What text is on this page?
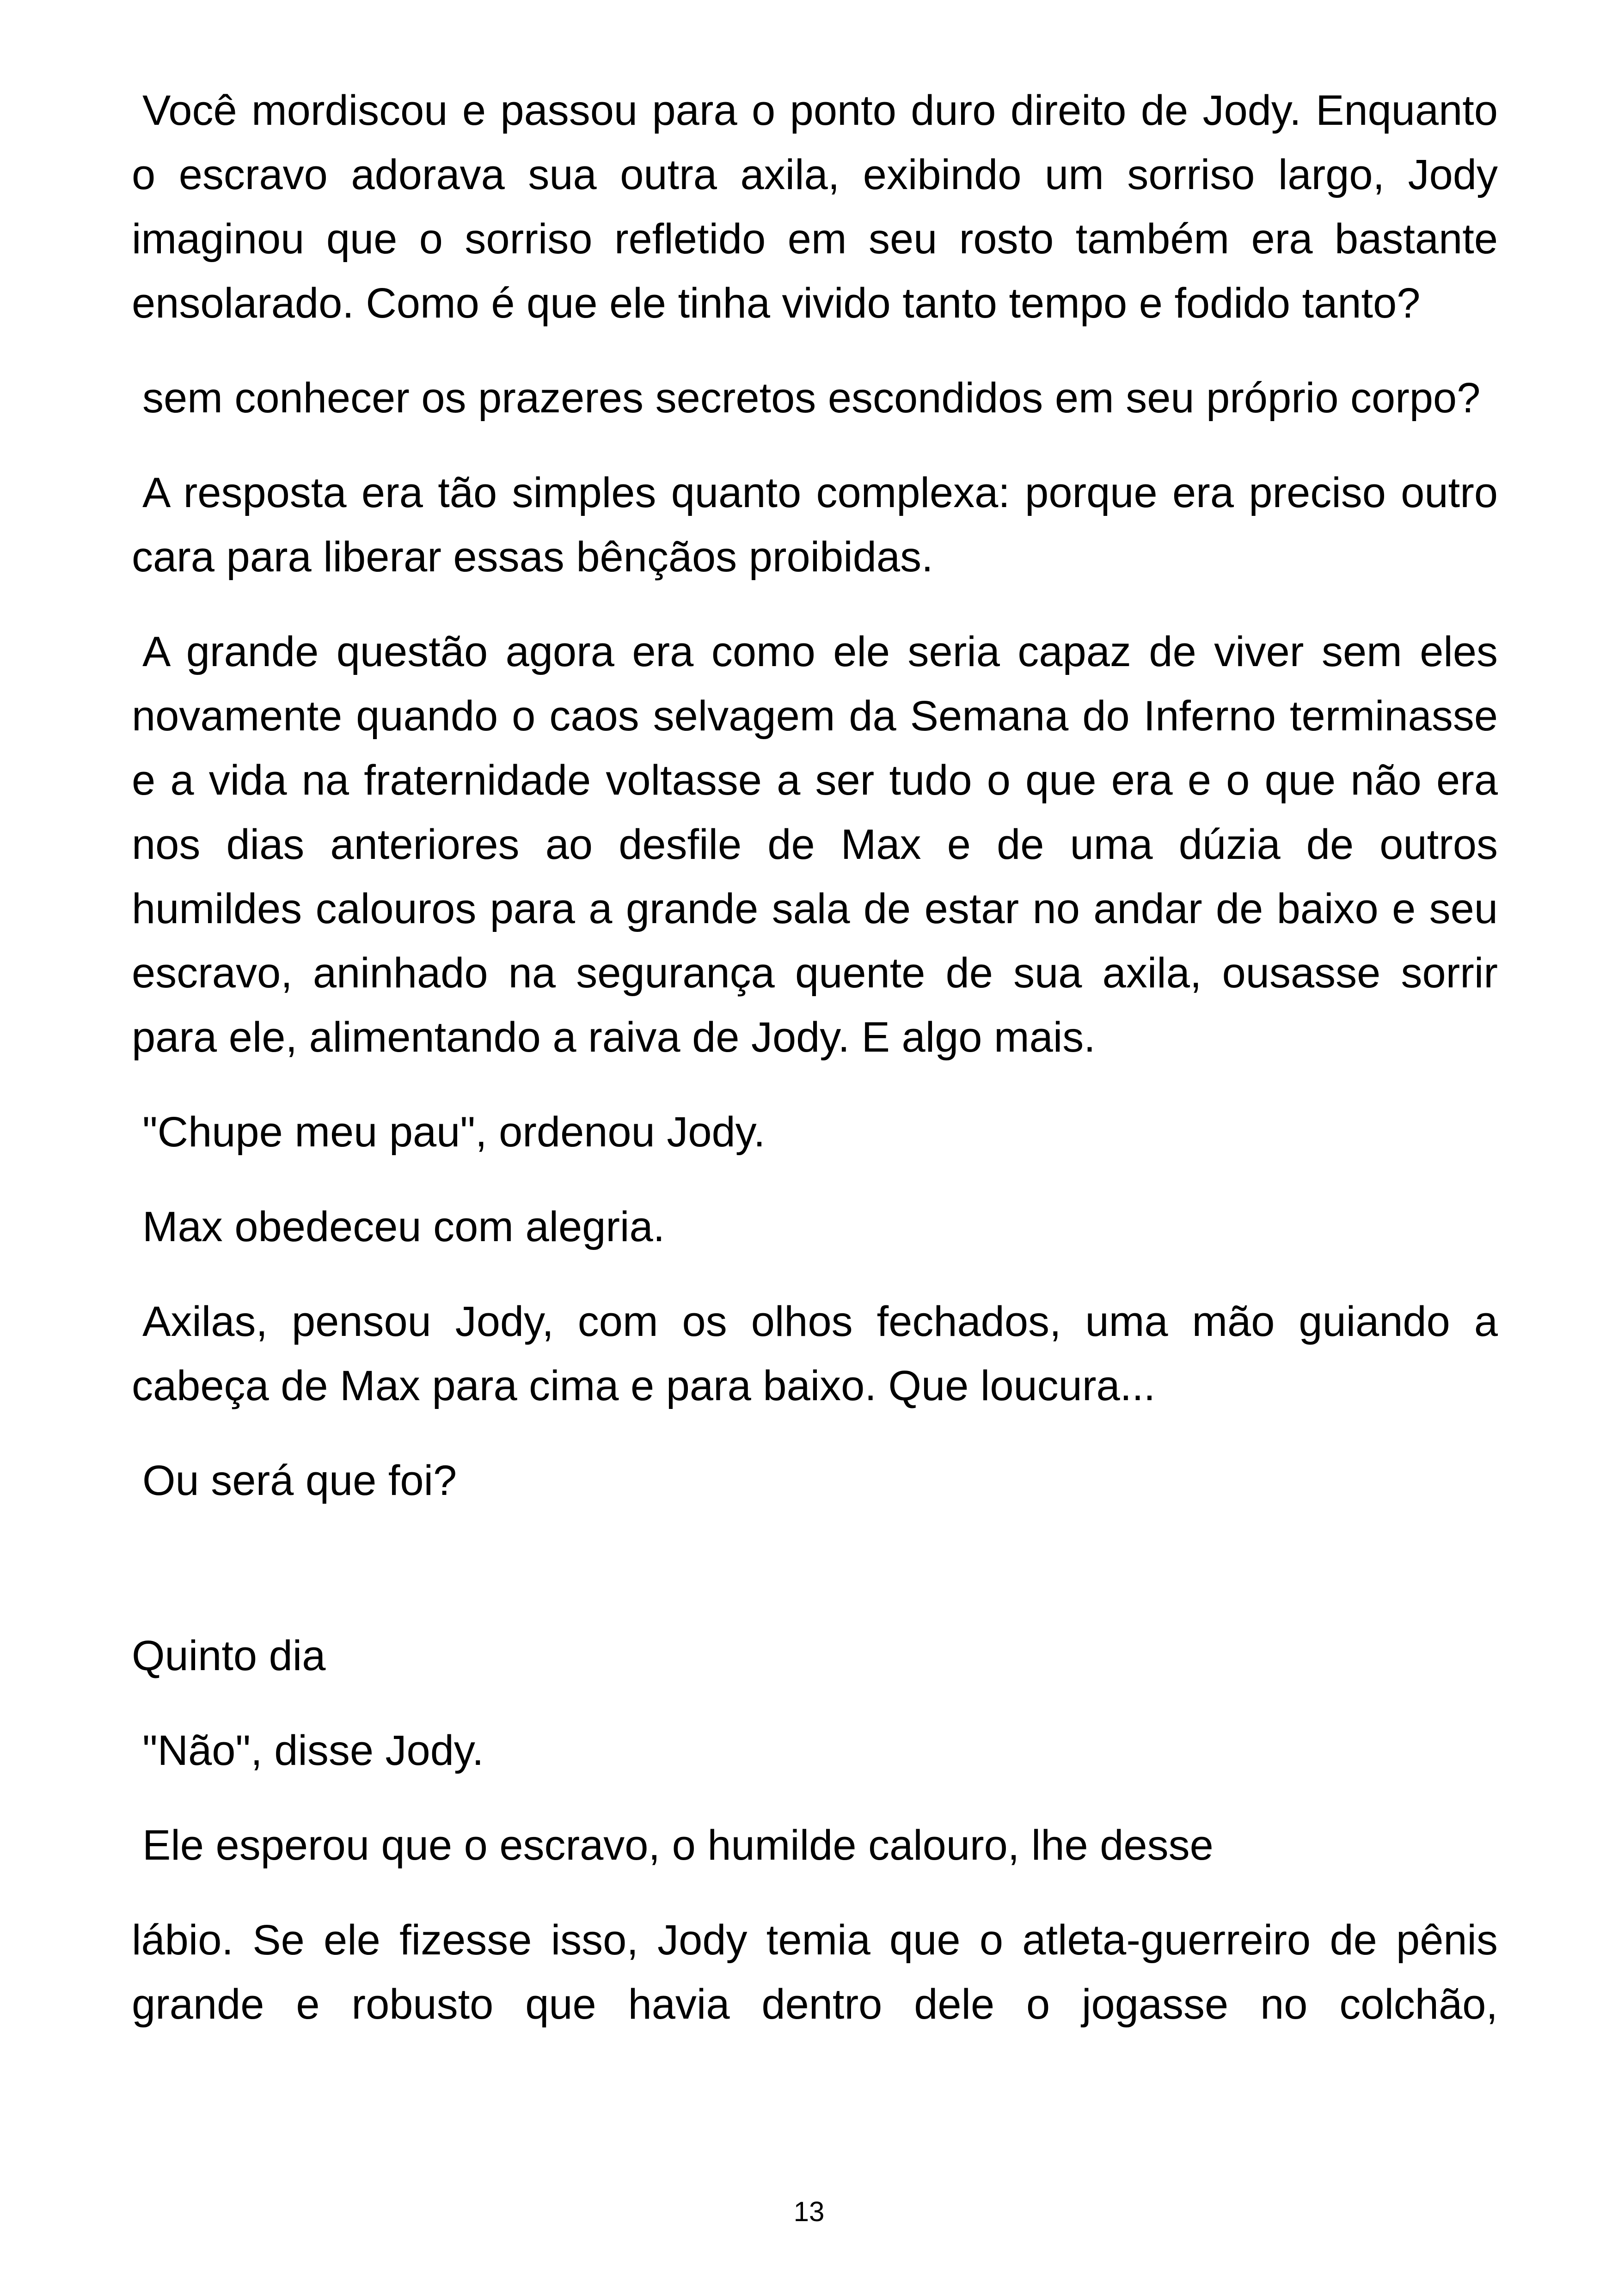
Você mordiscou e passou para o ponto duro direito de Jody. Enquanto o escravo adorava sua outra axila, exibindo um sorriso largo, Jody imaginou que o sorriso refletido em seu rosto também era bastante ensolarado. Como é que ele tinha vivido tanto tempo e fodido tanto?

sem conhecer os prazeres secretos escondidos em seu próprio corpo?

A resposta era tão simples quanto complexa: porque era preciso outro cara para liberar essas bênçãos proibidas.

A grande questão agora era como ele seria capaz de viver sem eles novamente quando o caos selvagem da Semana do Inferno terminasse e a vida na fraternidade voltasse a ser tudo o que era e o que não era nos dias anteriores ao desfile de Max e de uma dúzia de outros humildes calouros para a grande sala de estar no andar de baixo e seu escravo, aninhado na segurança quente de sua axila, ousasse sorrir para ele, alimentando a raiva de Jody. E algo mais.

"Chupe meu pau", ordenou Jody.

Max obedeceu com alegria.

Axilas, pensou Jody, com os olhos fechados, uma mão guiando a cabeça de Max para cima e para baixo. Que loucura...

Ou será que foi?

Quinto dia

"Não", disse Jody.

Ele esperou que o escravo, o humilde calouro, lhe desse

lábio. Se ele fizesse isso, Jody temia que o atleta-guerreiro de pênis grande e robusto que havia dentro dele o jogasse no colchão,

13
